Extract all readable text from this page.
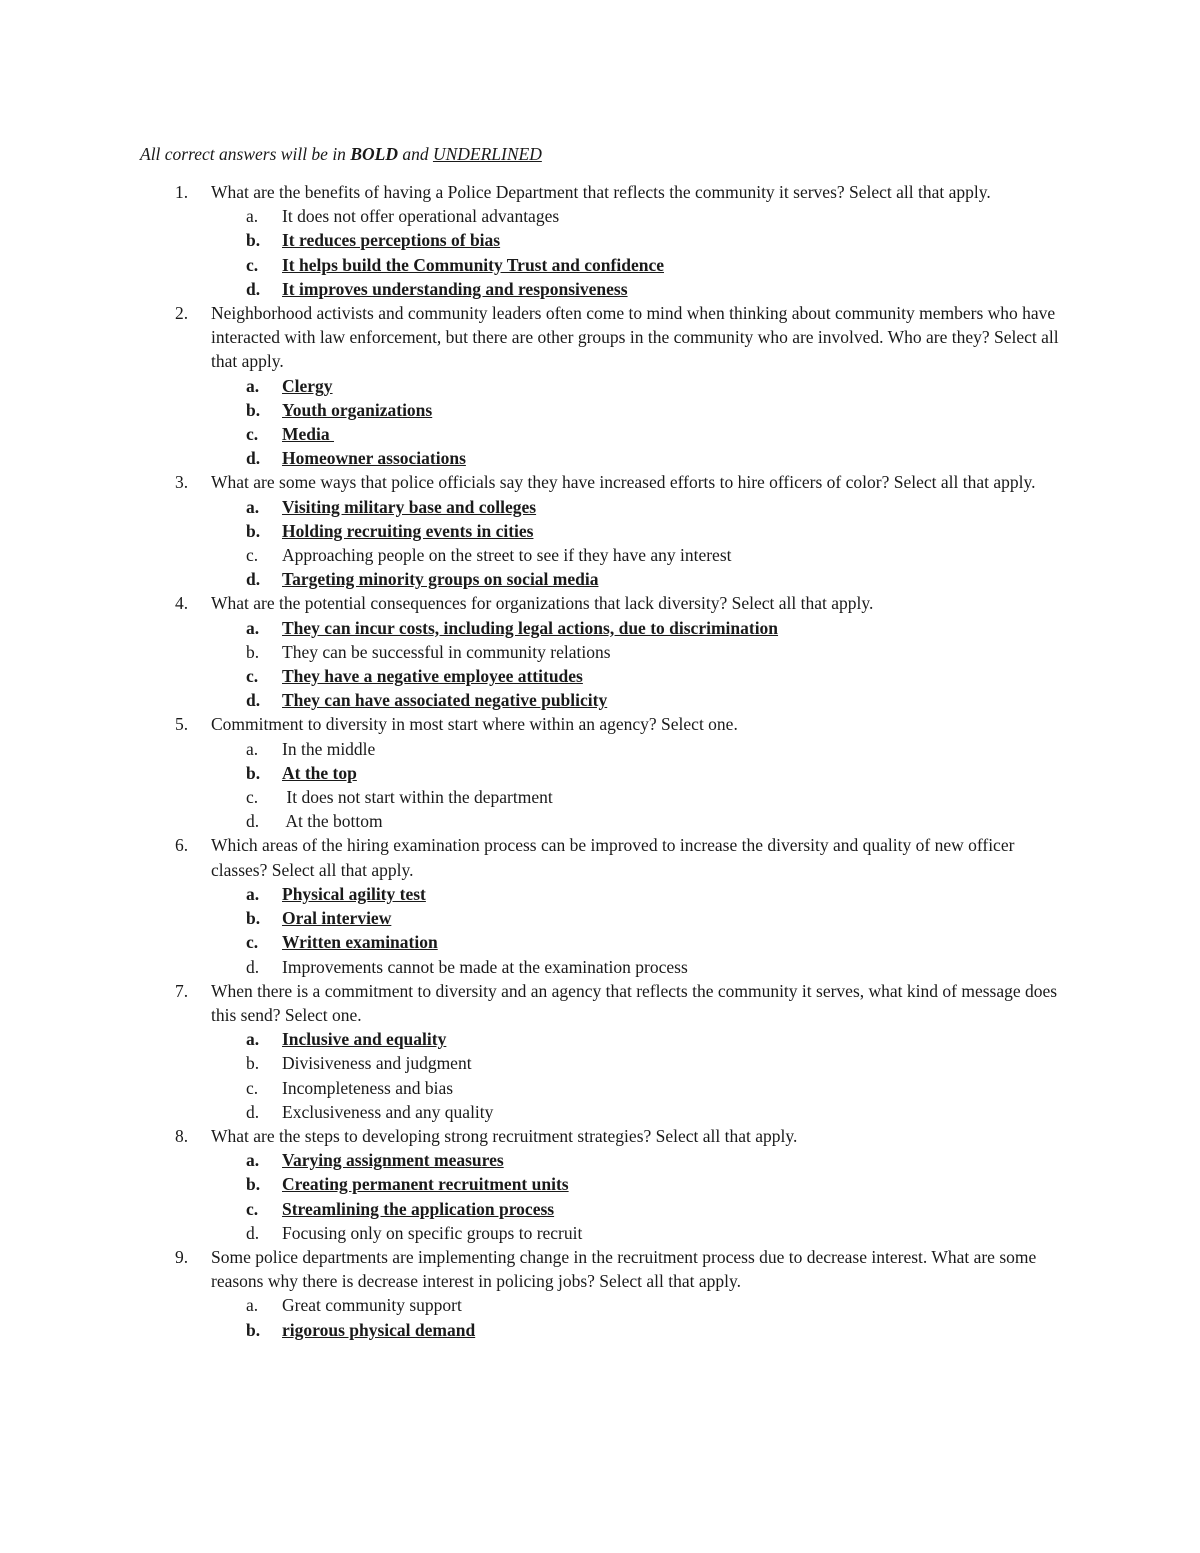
All correct answers will be in BOLD and UNDERLINED
1. What are the benefits of having a Police Department that reflects the community it serves? Select all that apply.
a. It does not offer operational advantages
b. It reduces perceptions of bias
c. It helps build the Community Trust and confidence
d. It improves understanding and responsiveness
2. Neighborhood activists and community leaders often come to mind when thinking about community members who have interacted with law enforcement, but there are other groups in the community who are involved. Who are they? Select all that apply.
a. Clergy
b. Youth organizations
c. Media
d. Homeowner associations
3. What are some ways that police officials say they have increased efforts to hire officers of color? Select all that apply.
a. Visiting military base and colleges
b. Holding recruiting events in cities
c. Approaching people on the street to see if they have any interest
d. Targeting minority groups on social media
4. What are the potential consequences for organizations that lack diversity? Select all that apply.
a. They can incur costs, including legal actions, due to discrimination
b. They can be successful in community relations
c. They have a negative employee attitudes
d. They can have associated negative publicity
5. Commitment to diversity in most start where within an agency? Select one.
a. In the middle
b. At the top
c. It does not start within the department
d. At the bottom
6. Which areas of the hiring examination process can be improved to increase the diversity and quality of new officer classes? Select all that apply.
a. Physical agility test
b. Oral interview
c. Written examination
d. Improvements cannot be made at the examination process
7. When there is a commitment to diversity and an agency that reflects the community it serves, what kind of message does this send? Select one.
a. Inclusive and equality
b. Divisiveness and judgment
c. Incompleteness and bias
d. Exclusiveness and any quality
8. What are the steps to developing strong recruitment strategies? Select all that apply.
a. Varying assignment measures
b. Creating permanent recruitment units
c. Streamlining the application process
d. Focusing only on specific groups to recruit
9. Some police departments are implementing change in the recruitment process due to decrease interest. What are some reasons why there is decrease interest in policing jobs? Select all that apply.
a. Great community support
b. rigorous physical demand
